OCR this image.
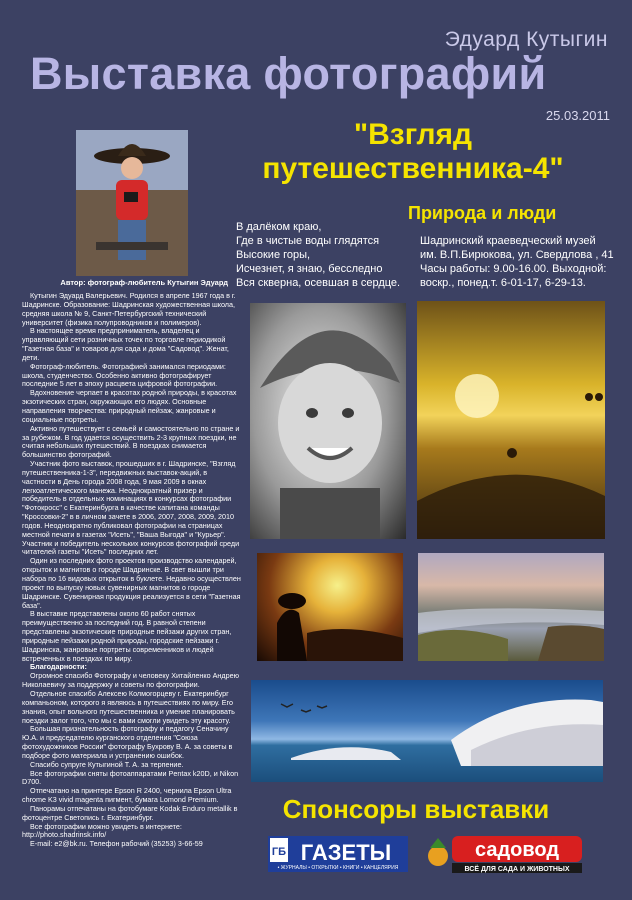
Эдуард Кутыгин
Выставка фотографий
25.03.2011
"Взгляд
путешественника-4"
Природа и люди
В далёком краю,
Где в чистые воды глядятся
Высокие горы,
Исчезнет, я знаю, бесследно
Вся скверна, осевшая в сердце.
Шадринский краеведческий музей
им. В.П.Бирюкова, ул. Свердлова , 41
Часы работы: 9.00-16.00. Выходной:
воскр., понед.т. 6-01-17, 6-29-13.
Автор: фотограф-любитель Кутыгин Эдуард

Кутыгин Эдуард Валерьевич. Родился в апреле 1967 года в г. Шадринске. Образование: Шадринская художественная школа, средняя школа № 9, Санкт-Петербургский технический университет (физика полупроводников и полимеров).

В настоящее время предприниматель, владелец и управляющий сети розничных точек по торговле периодикой "Газетная база" и товаров для сада и дома "Садовод". Женат, дети.

Фотограф-любитель. Фотографией занимался периодами: школа, студенчество. Особенно активно фотографирует последние 5 лет в эпоху расцвета цифровой фотографии.

Вдохновение черпает в красотах родной природы, в красотах экзотических стран, окружающих его людях. Основные направления творчества: природный пейзаж, жанровые и социальные портреты.

Активно путешествует с семьей и самостоятельно по стране и за рубежом. В год удается осуществить 2-3 крупных поездки, не считая небольших путешествий. В поездках снимается большинство фотографий.

Участник фото выставок, прошедших в г. Шадринске, "Взгляд путешественника-1-3", передвижных выставок-акций, в частности в День города 2008 года, 9 мая 2009 в окнах легкоатлетического манежа. Неоднократный призер и победитель в отдельных номинациях в конкурсах фотографии "Фотокросс" с Екатеринбурга в качестве капитана команды "Кроссовки-2" в в личном зачете в 2006, 2007, 2008, 2009, 2010 годов. Неоднократно публиковал фотографии на страницах местной печати в газетах "Исеть", "Ваша Выгода" и "Курьер". Участник и победитель нескольких конкурсов фотографий среди читателей газеты "Исеть" последних лет.

Один из последних фото проектов производство календарей, открыток и магнитов о городе Шадринске. В свет вышли три набора по 16 видовых открыток в буклете. Недавно осуществлен проект по выпуску новых сувенирных магнитов о городе Шадринске. Сувенирная продукция реализуется в сети "Газетная база".

В выставке представлены около 60 работ снятых преимущественно за последний год. В равной степени представлены экзотические природные пейзажи других стран, природные пейзажи родной природы, городские пейзажи г. Шадринска, жанровые портреты современников и людей встреченных в поездках по миру.

Благодарности:

Огромное спасибо Фотографу и человеку Хитайленко Андрею Николаевичу за поддержку и советы по фотографии.

Отдельное спасибо Алексею Колмогорцеву г. Екатеринбург компаньоном, которого я являюсь в путешествиях по миру. Его знания, опыт вольного путешественника и умение планировать поездки залог того, что мы с вами смогли увидеть эту красоту.

Большая признательность фотографу и педагогу Сеначину Ю.А. и председателю курганского отделения "Союза фотохудожников России" фотографу Бухрову В. А. за советы в подборе фото материала и устранению ошибок.

Спасибо супруге Кутыгиной Т. А. за терпение.

Все фотографии сняты фотоаппаратами Pentax k20D, и Nikon D700.

Отпечатано на принтере Epson R 2400, чернила Epson Ultra chrome K3 vivid magenta пигмент, бумага Lomond Premium.

Панорамы отпечатаны на фотобумаге Kodak Enduro metallik в фотоцентре Светопись г. Екатеринбург.

Все фотографии можно увидеть в интернете: http://photo.shadrinsk.info/

E-mail: e2@bk.ru. Телефон рабочий (35253) 3-66-59

Спонсоры выставки
ГБ ГАЗЕТЫ
• ЖУРНАЛЫ • ОТКРЫТКИ • КНИГИ • КАНЦЕЛЯРИЯ
садовод
ВСЁ ДЛЯ САДА И ЖИВОТНЫХ
